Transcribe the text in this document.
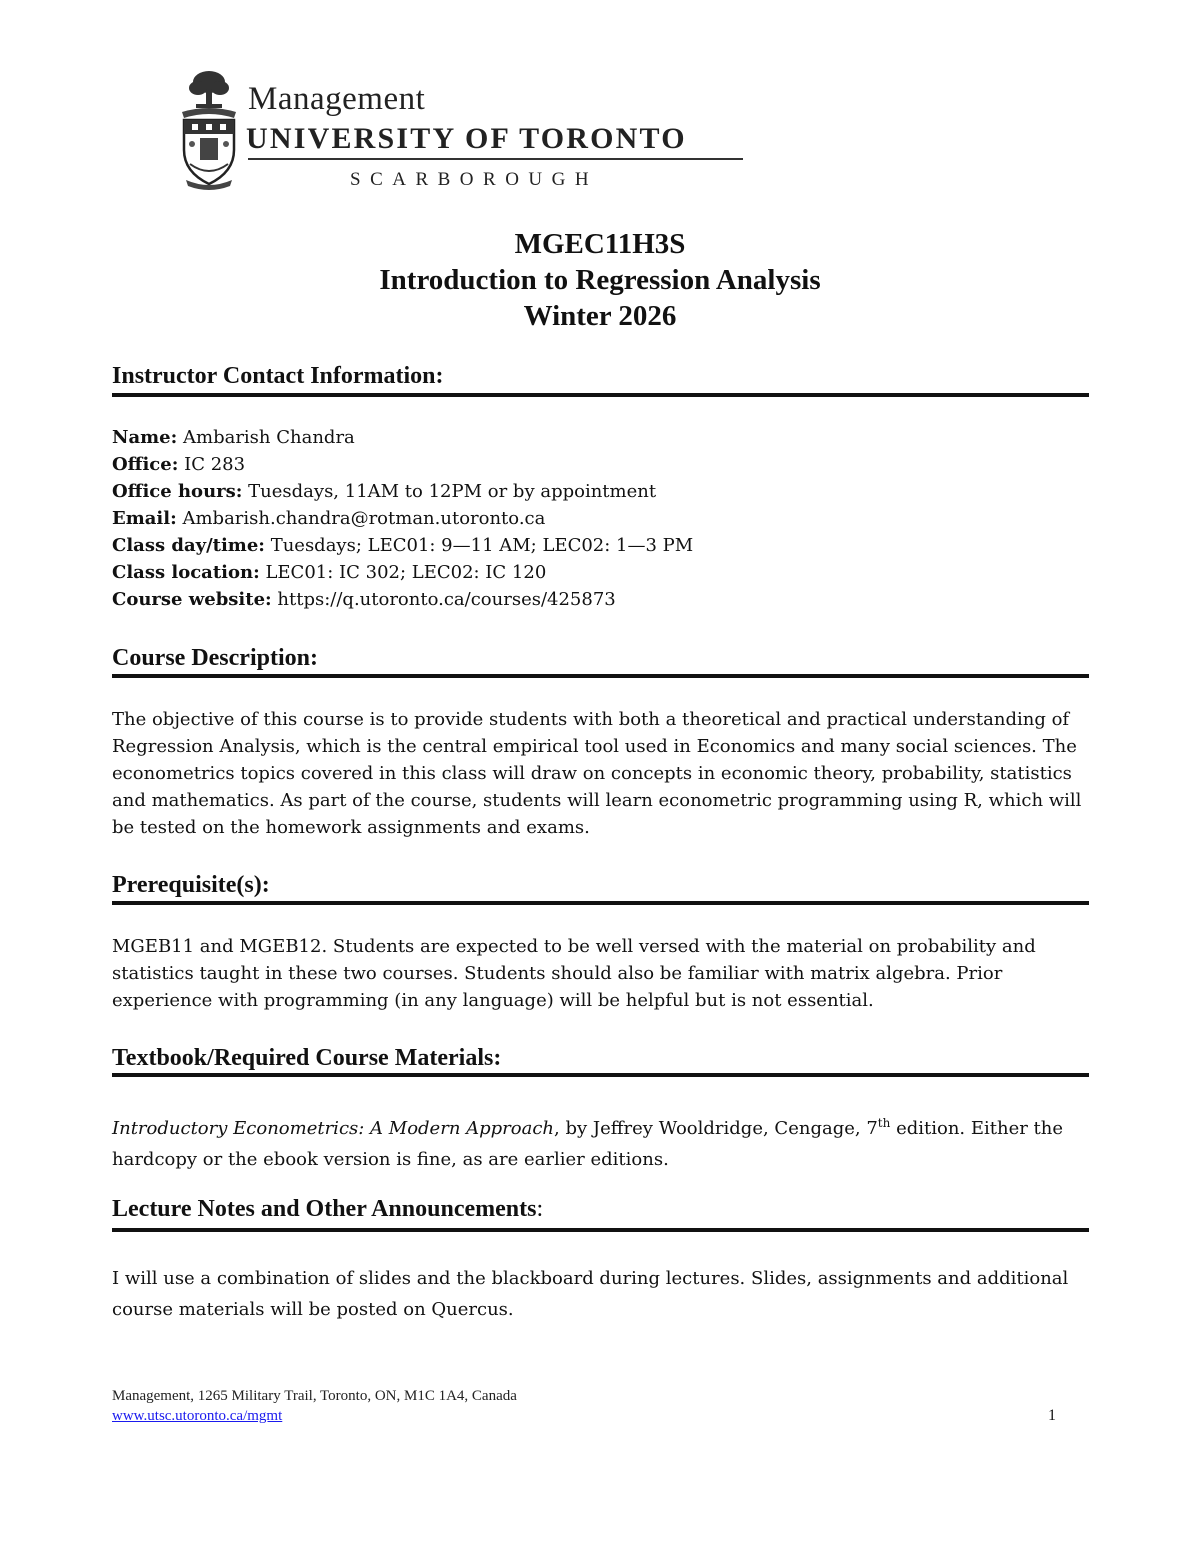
Management
UNIVERSITY OF TORONTO
SCARBOROUGH
MGEC11H3S
Introduction to Regression Analysis
Winter 2026
Instructor Contact Information:
Name: Ambarish Chandra
Office: IC 283
Office hours: Tuesdays, 11AM to 12PM or by appointment
Email: Ambarish.chandra@rotman.utoronto.ca
Class day/time: Tuesdays; LEC01: 9—11 AM; LEC02: 1—3 PM
Class location: LEC01: IC 302; LEC02: IC 120
Course website: https://q.utoronto.ca/courses/425873
Course Description:
The objective of this course is to provide students with both a theoretical and practical understanding of Regression Analysis, which is the central empirical tool used in Economics and many social sciences. The econometrics topics covered in this class will draw on concepts in economic theory, probability, statistics and mathematics. As part of the course, students will learn econometric programming using R, which will be tested on the homework assignments and exams.
Prerequisite(s):
MGEB11 and MGEB12. Students are expected to be well versed with the material on probability and statistics taught in these two courses. Students should also be familiar with matrix algebra. Prior experience with programming (in any language) will be helpful but is not essential.
Textbook/Required Course Materials:
Introductory Econometrics: A Modern Approach, by Jeffrey Wooldridge, Cengage, 7th edition. Either the hardcopy or the ebook version is fine, as are earlier editions.
Lecture Notes and Other Announcements:
I will use a combination of slides and the blackboard during lectures. Slides, assignments and additional course materials will be posted on Quercus.
Management, 1265 Military Trail, Toronto, ON, M1C 1A4, Canada
www.utsc.utoronto.ca/mgmt	1
